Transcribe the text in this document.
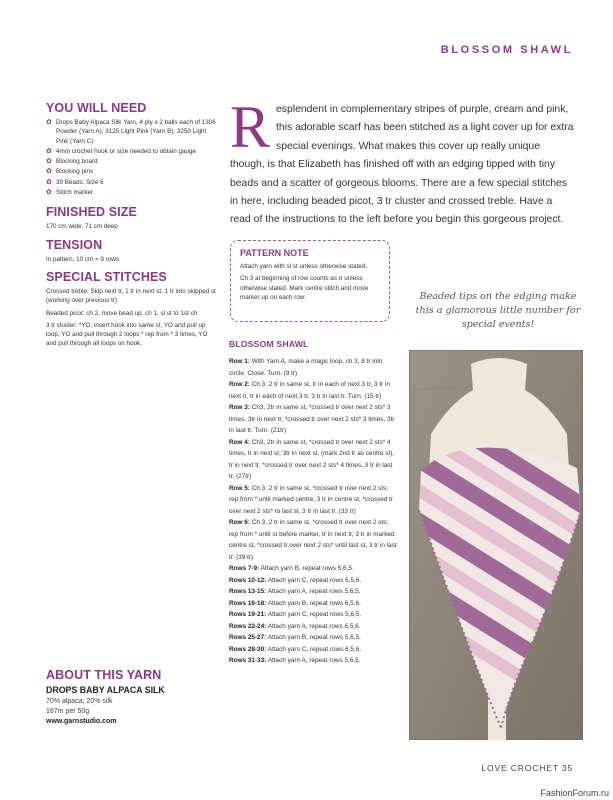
BLOSSOM SHAWL
YOU WILL NEED
✿ Drops Baby Alpaca Silk Yarn, 4 ply x 2 balls each of 1306 Powder (Yarn A); 3125 Light Pink (Yarn B); 3250 Light Pink (Yarn C)
✿ 4mm crochet hook or size needed to obtain gauge
✿ Blocking board
✿ Blocking pins
✿ 39 Beads: Size 6
✿ Stitch marker
FINISHED SIZE

170 cm wide, 71 cm deep

TENSION

In pattern, 10 cm = 9 rows

SPECIAL STITCHES

Crossed treble: Skip next tr, 1 tr in next st, 1 tr into skipped st (working over previous tr)

Beaded picot: ch 2, move bead up, ch 1, sl st to 1st ch

3 tr cluster: *YO, insert hook into same st, YO and pull up loop, YO and pull through 2 loops * rep from * 3 times, YO and pull through all loops on hook.

ABOUT THIS YARN
DROPS BABY ALPACA SILK

70% alpaca; 20% silk

167m per 50g

www.garnstudio.com

Resplendent in complementary stripes of purple, cream and pink, this adorable scarf has been stitched as a light cover up for extra special evenings. What makes this cover up really unique though, is that Elizabeth has finished off with an edging tipped with tiny beads and a scatter of gorgeous blooms. There are a few special stitches in here, including beaded picot, 3 tr cluster and crossed treble. Have a read of the instructions to the left before you begin this gorgeous project.
PATTERN NOTE

Attach yarn with sl st unless otherwise stated.

Ch 3 at beginning of row counts as tr unless otherwise stated. Mark centre stitch and move marker up on each row.

BLOSSOM SHAWL

Row 1: With Yarn A, make a magic loop, ch 3, 8 tr into circle. Close. Turn. (9 tr)

Row 2: Ch 3, 2 tr in same st, tr in each of next 3 tr, 3 tr in next tr, tr in each of next 3 tr, 3 tr in last tr. Turn. (15 tr)

Row 3: Ch3, 2tr in same st, *crossed tr over next 2 sts* 3 times, 3tr in next tr, *crossed tr over next 2 sts* 3 times, 3tr in last tr. Turn. (21tr)

Row 4: Ch3, 2tr in same st, *crossed tr over next 2 sts* 4 times, tr in next st, 3tr in next st, (mark 2nd tr as centre st), tr in next tr, *crossed tr over next 2 sts* 4 times, 3 tr in last tr. (27tr)

Row 5: Ch 3, 2 tr in same st, *crossed tr over next 2 sts; rep from * until marked centre, 3 tr in centre st, *crossed tr over next 2 sts* to last st, 3 tr in last tr. (33 tr)

Row 6: Ch 3, 2 tr in same st, *crossed tr over next 2 sts; rep from * until st before marker, tr in next tr, 3 tr in marked centre st, *crossed tr over next 2 sts* until last st, 3 tr in last tr. (39 tr)

Rows 7-9: Attach yarn B, repeat rows 5,6,5.

Rows 10-12: Attach yarn C, repeat rows 6,5,6.

Rows 13-15: Attach yarn A, repeat rows 5,6,5.

Rows 16-18: Attach yarn B, repeat rows 6,5,6.

Rows 19-21: Attach yarn C, repeat rows 5,6,5.

Rows 22-24: Attach yarn A, repeat rows 6,5,6.

Rows 25-27: Attach yarn B, repeat rows 5,6,5.

Rows 28-30: Attach yarn C, repeat rows 6,5,6.

Rows 31-33: Attach yarn A, repeat rows 5,6,5.

Beaded tips on the edging make this a glamorous little number for special events!
LOVE CROCHET 35
FashionForum.ru
